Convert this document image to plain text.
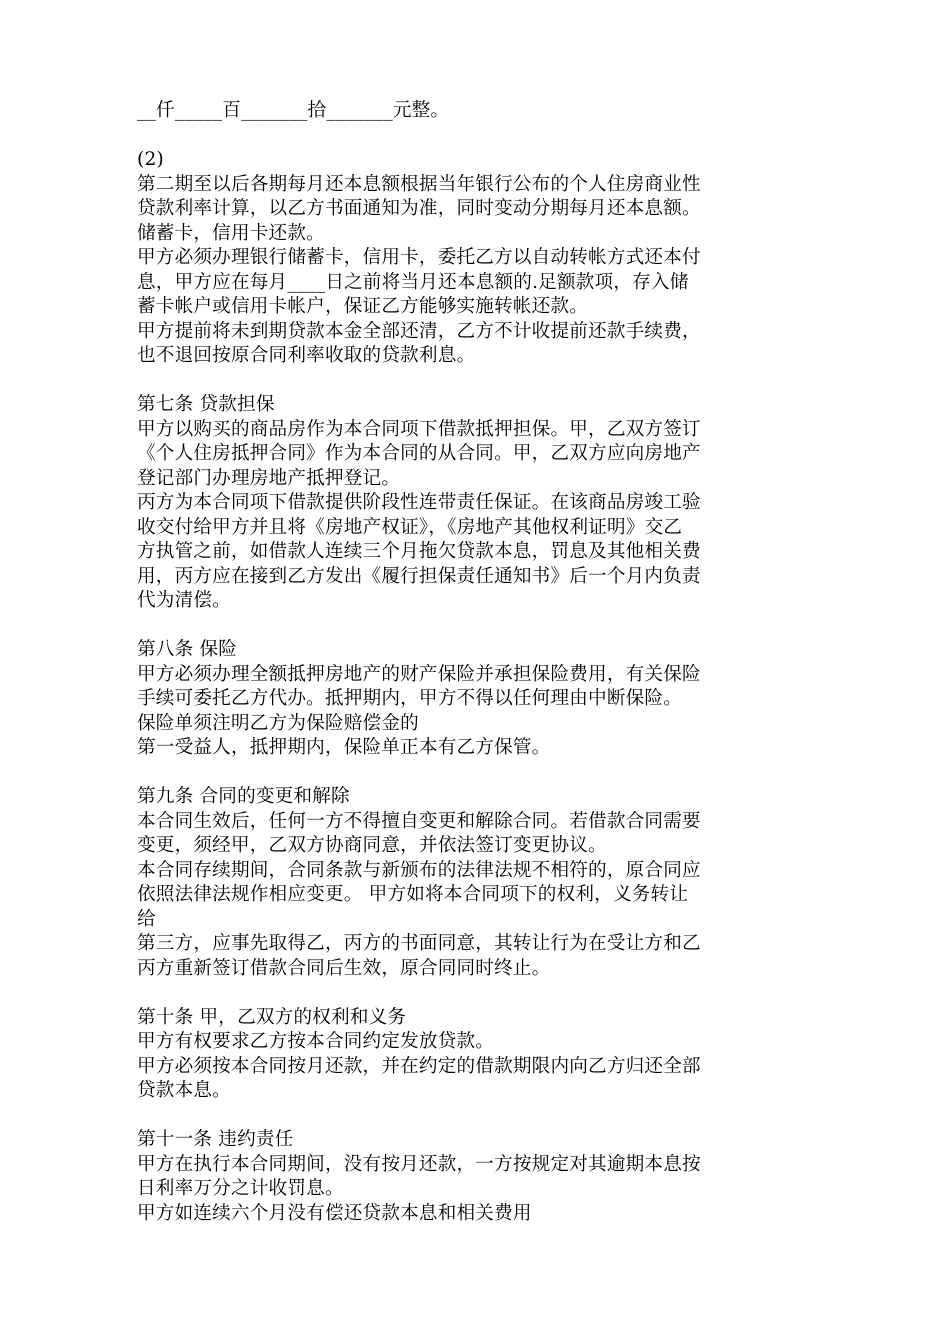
__仟_____百_______拾_______元整。
(2)
第二期至以后各期每月还本息额根据当年银行公布的个人住房商业性
贷款利率计算，以乙方书面通知为准，同时变动分期每月还本息额。
储蓄卡，信用卡还款。
甲方必须办理银行储蓄卡，信用卡，委托乙方以自动转帐方式还本付
息，甲方应在每月____日之前将当月还本息额的.足额款项，存入储
蓄卡帐户或信用卡帐户，保证乙方能够实施转帐还款。
甲方提前将未到期贷款本金全部还清，乙方不计收提前还款手续费，
也不退回按原合同利率收取的贷款利息。
第七条 贷款担保
甲方以购买的商品房作为本合同项下借款抵押担保。甲，乙双方签订
《个人住房抵押合同》作为本合同的从合同。甲，乙双方应向房地产
登记部门办理房地产抵押登记。
丙方为本合同项下借款提供阶段性连带责任保证。在该商品房竣工验
收交付给甲方并且将《房地产权证》，《房地产其他权利证明》交乙
方执管之前，如借款人连续三个月拖欠贷款本息，罚息及其他相关费
用，丙方应在接到乙方发出《履行担保责任通知书》后一个月内负责
代为清偿。
第八条 保险
甲方必须办理全额抵押房地产的财产保险并承担保险费用，有关保险
手续可委托乙方代办。抵押期内，甲方不得以任何理由中断保险。
保险单须注明乙方为保险赔偿金的
第一受益人，抵押期内，保险单正本有乙方保管。
第九条 合同的变更和解除
本合同生效后，任何一方不得擅自变更和解除合同。若借款合同需要
变更，须经甲，乙双方协商同意，并依法签订变更协议。
本合同存续期间，合同条款与新颁布的法律法规不相符的，原合同应
依照法律法规作相应变更。 甲方如将本合同项下的权利，义务转让
给
第三方，应事先取得乙，丙方的书面同意，其转让行为在受让方和乙
丙方重新签订借款合同后生效，原合同同时终止。
第十条 甲，乙双方的权利和义务
甲方有权要求乙方按本合同约定发放贷款。
甲方必须按本合同按月还款，并在约定的借款期限内向乙方归还全部
贷款本息。
第十一条 违约责任
甲方在执行本合同期间，没有按月还款，一方按规定对其逾期本息按
日利率万分之计收罚息。
甲方如连续六个月没有偿还贷款本息和相关费用
